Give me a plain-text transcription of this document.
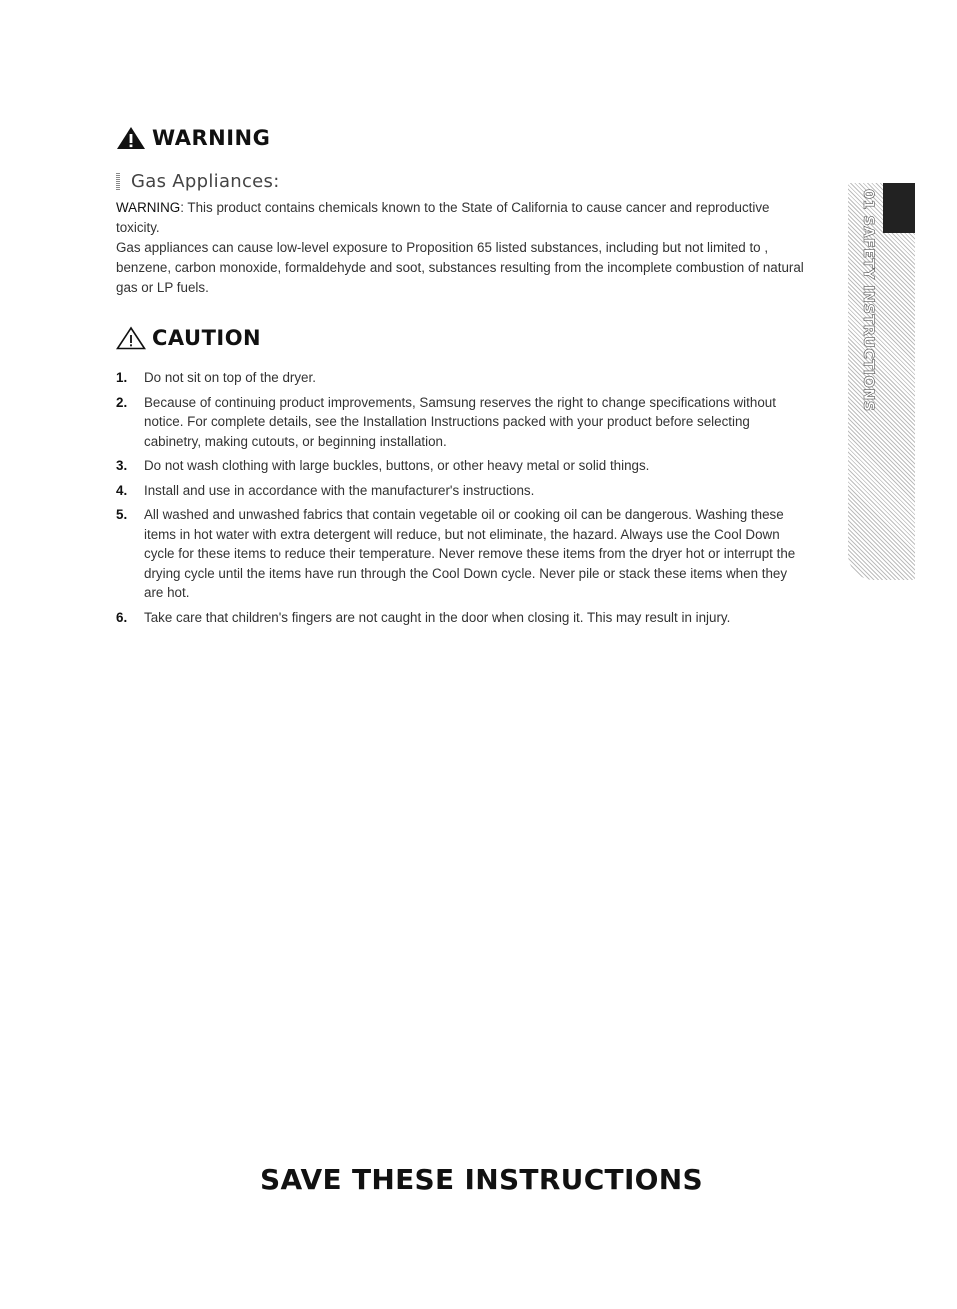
WARNING
Gas Appliances:

WARNING: This product contains chemicals known to the State of California to cause cancer and reproductive toxicity.

Gas appliances can cause low-level exposure to Proposition 65 listed substances, including but not limited to , benzene, carbon monoxide, formaldehyde and soot, substances resulting from the incomplete combustion of natural gas or LP fuels.

CAUTION
1. Do not sit on top of the dryer.
2. Because of continuing product improvements, Samsung reserves the right to change specifications without notice. For complete details, see the Installation Instructions packed with your product before selecting cabinetry, making cutouts, or beginning installation.
3. Do not wash clothing with large buckles, buttons, or other heavy metal or solid things.
4. Install and use in accordance with the manufacturer's instructions.
5. All washed and unwashed fabrics that contain vegetable oil or cooking oil can be dangerous. Washing these items in hot water with extra detergent will reduce, but not eliminate, the hazard. Always use the Cool Down cycle for these items to reduce their temperature. Never remove these items from the dryer hot or interrupt the drying cycle until the items have run through the Cool Down cycle. Never pile or stack these items when they are hot.
6. Take care that children's fingers are not caught in the door when closing it. This may result in injury.
01 SAFETY INSTRUCTIONS
SAVE THESE INSTRUCTIONS
